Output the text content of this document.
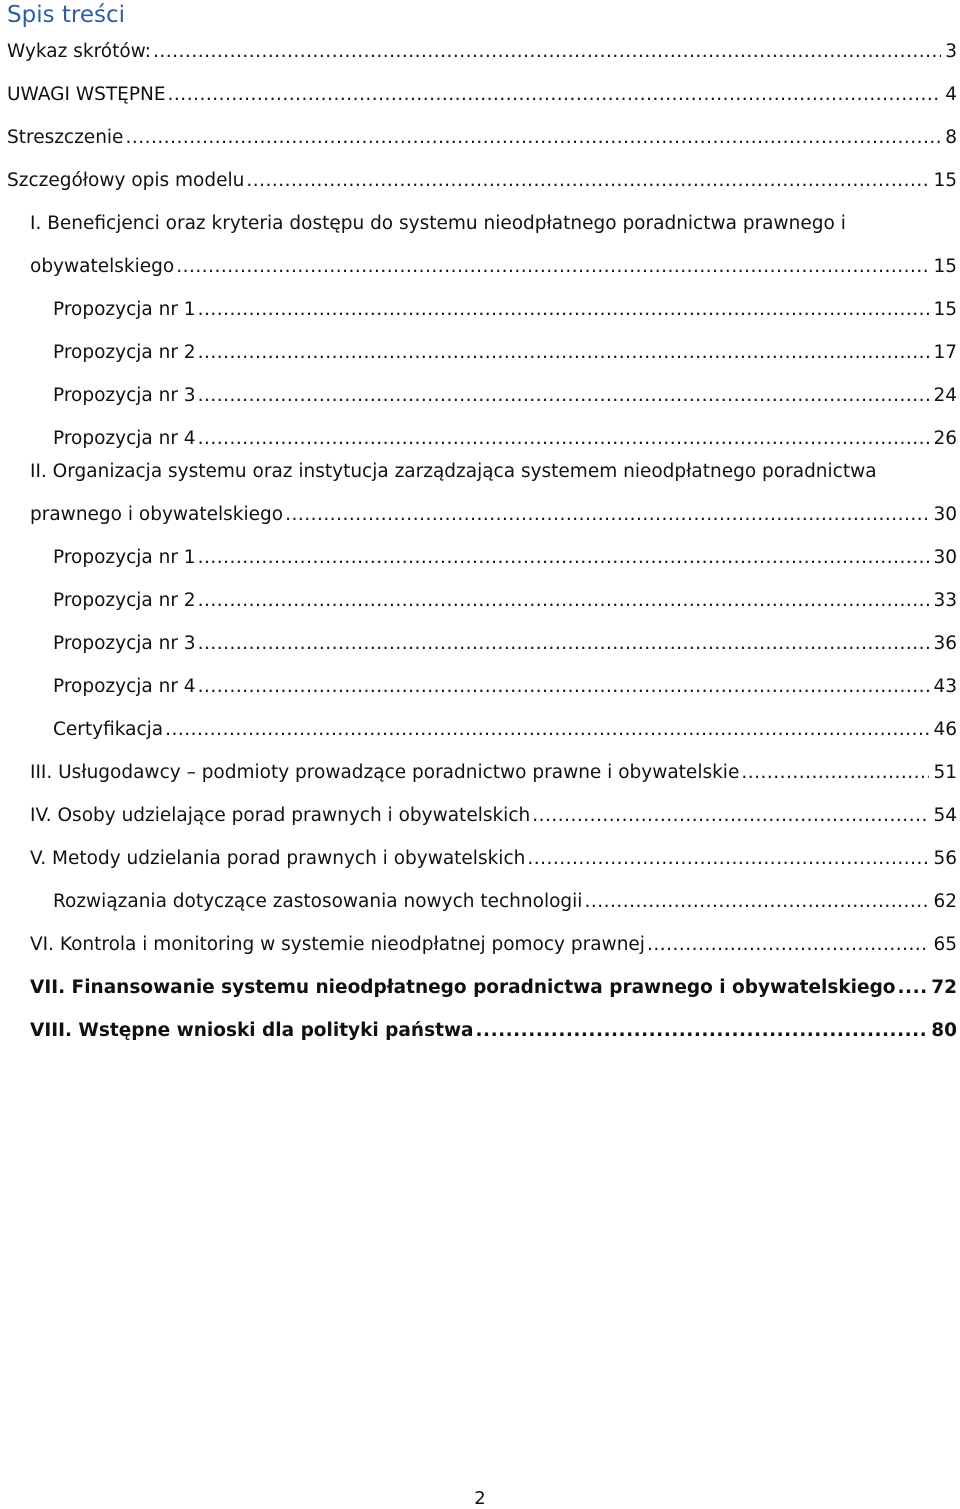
Spis treści
Wykaz skrótów: .....	3
UWAGI WSTĘPNE .....	4
Streszczenie .....	8
Szczegółowy opis modelu .....	15
I. Beneficjenci oraz kryteria dostępu do systemu nieodpłatnego poradnictwa prawnego i
obywatelskiego .....	15
Propozycja nr 1 .....	15
Propozycja nr 2 .....	17
Propozycja nr 3 .....	24
Propozycja nr 4 .....	26
II. Organizacja systemu oraz instytucja zarządzająca systemem nieodpłatnego poradnictwa
prawnego i obywatelskiego .....	30
Propozycja nr 1 .....	30
Propozycja nr 2 .....	33
Propozycja nr 3 .....	36
Propozycja nr 4 .....	43
Certyfikacja .....	46
III. Usługodawcy – podmioty prowadzące poradnictwo prawne i obywatelskie .....	51
IV. Osoby udzielające porad prawnych i obywatelskich .....	54
V. Metody udzielania porad prawnych i obywatelskich .....	56
Rozwiązania dotyczące zastosowania nowych technologii .....	62
VI. Kontrola i monitoring w systemie nieodpłatnej pomocy prawnej .....	65
VII. Finansowanie systemu nieodpłatnego poradnictwa prawnego i obywatelskiego ..... 72
VIII. Wstępne wnioski dla polityki państwa .....	80
2
